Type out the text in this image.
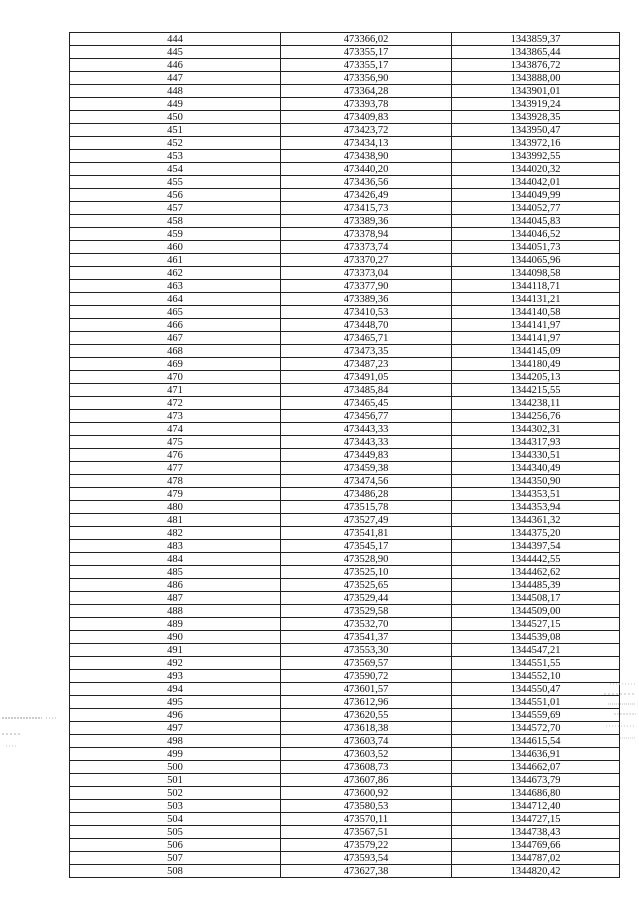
444	473366,02	1343859,37
445	473355,17	1343865,44
446	473355,17	1343876,72
447	473356,90	1343888,00
448	473364,28	1343901,01
449	473393,78	1343919,24
450	473409,83	1343928,35
451	473423,72	1343950,47
452	473434,13	1343972,16
453	473438,90	1343992,55
454	473440,20	1344020,32
455	473436,56	1344042,01
456	473426,49	1344049,99
457	473415,73	1344052,77
458	473389,36	1344045,83
459	473378,94	1344046,52
460	473373,74	1344051,73
461	473370,27	1344065,96
462	473373,04	1344098,58
463	473377,90	1344118,71
464	473389,36	1344131,21
465	473410,53	1344140,58
466	473448,70	1344141,97
467	473465,71	1344141,97
468	473473,35	1344145,09
469	473487,23	1344180,49
470	473491,05	1344205,13
471	473485,84	1344215,55
472	473465,45	1344238,11
473	473456,77	1344256,76
474	473443,33	1344302,31
475	473443,33	1344317,93
476	473449,83	1344330,51
477	473459,38	1344340,49
478	473474,56	1344350,90
479	473486,28	1344353,51
480	473515,78	1344353,94
481	473527,49	1344361,32
482	473541,81	1344375,20
483	473545,17	1344397,54
484	473528,90	1344442,55
485	473525,10	1344462,62
486	473525,65	1344485,39
487	473529,44	1344508,17
488	473529,58	1344509,00
489	473532,70	1344527,15
490	473541,37	1344539,08
491	473553,30	1344547,21
492	473569,57	1344551,55
493	473590,72	1344552,10
494	473601,57	1344550,47
495	473612,96	1344551,01
496	473620,55	1344559,69
497	473618,38	1344572,70
498	473603,74	1344615,54
499	473603,52	1344636,91
500	473608,73	1344662,07
501	473607,86	1344673,79
502	473600,92	1344686,80
503	473580,53	1344712,40
504	473570,11	1344727,15
505	473567,51	1344738,43
506	473579,22	1344769,66
507	473593,54	1344787,02
508	473627,38	1344820,42
